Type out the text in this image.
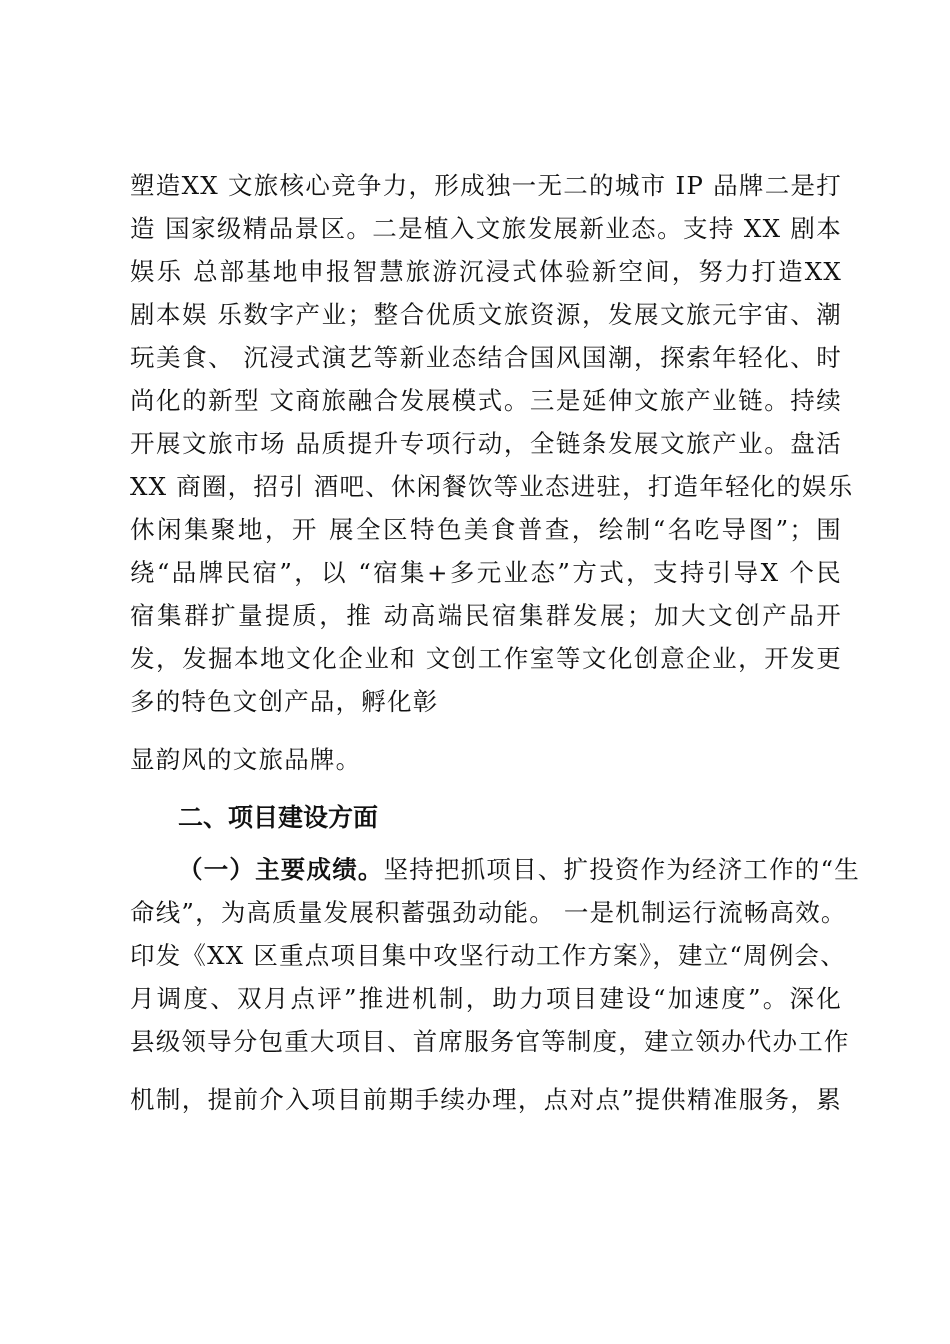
塑造XX 文旅核心竞争力，形成独一无二的城市 IP 品牌二是打
造 国家级精品景区。二是植入文旅发展新业态。支持 XX 剧本
娱乐 总部基地申报智慧旅游沉浸式体验新空间，努力打造XX
剧本娱 乐数字产业；整合优质文旅资源，发展文旅元宇宙、潮
玩美食、 沉浸式演艺等新业态结合国风国潮，探索年轻化、时
尚化的新型 文商旅融合发展模式。三是延伸文旅产业链。持续
开展文旅市场 品质提升专项行动，全链条发展文旅产业。盘活
XX 商圈，招引 酒吧、休闲餐饮等业态进驻，打造年轻化的娱乐
休闲集聚地，开 展全区特色美食普查，绘制“名吃导图”；围
绕“品牌民宿”，以 “宿集+多元业态”方式，支持引导X 个民
宿集群扩量提质，推 动高端民宿集群发展；加大文创产品开
发，发掘本地文化企业和 文创工作室等文化创意企业，开发更
多的特色文创产品，孵化彰
显韵风的文旅品牌。
二、项目建设方面
（一）主要成绩。坚持把抓项目、扩投资作为经济工作的“生
命线”，为高质量发展积蓄强劲动能。 一是机制运行流畅高效。
印发《XX 区重点项目集中攻坚行动工作方案》，建立“周例会、
月调度、双月点评”推进机制，助力项目建设“加速度”。深化
县级领导分包重大项目、首席服务官等制度，建立领办代办工作
机制，提前介入项目前期手续办理，点对点”提供精准服务，累
